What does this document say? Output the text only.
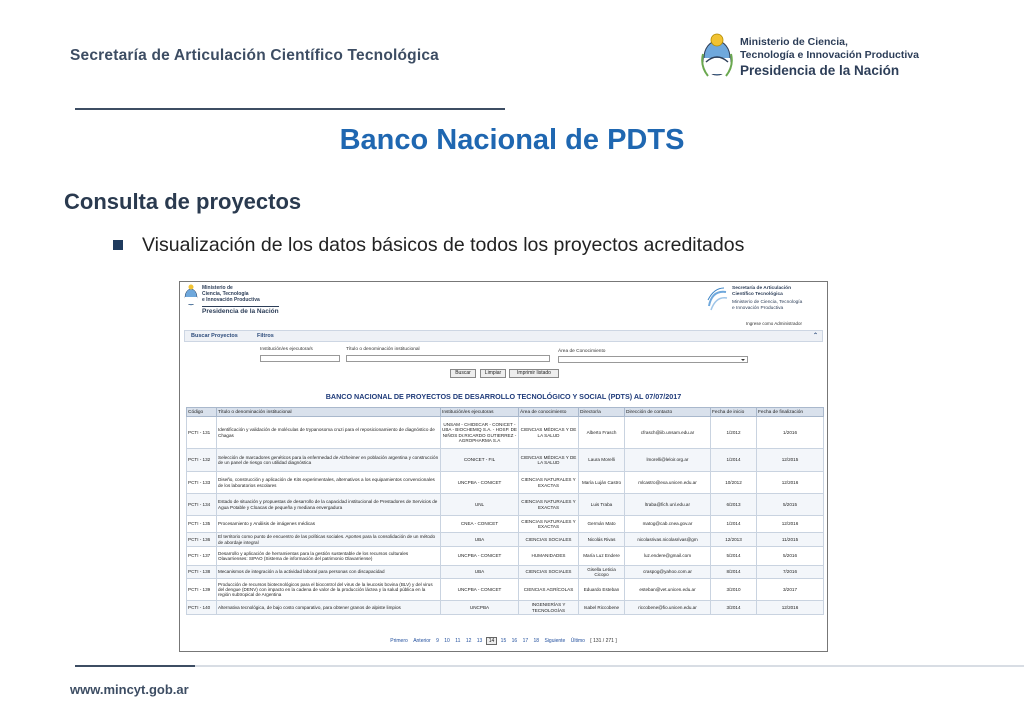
Secretaría de Articulación Científico Tecnológica
Ministerio de Ciencia,
Tecnología e Innovación Productiva
Presidencia de la Nación
Banco Nacional de PDTS
Consulta de proyectos
Visualización de los datos básicos de todos los proyectos acreditados
Ministerio de
Ciencia, Tecnología
e Innovación Productiva
Presidencia de la Nación
Secretaría de Articulación
Científico Tecnológica
Ministerio de Ciencia, Tecnología
e Innovación Productiva
Ingrese como Administrador
Buscar Proyectos	Filtros	⌃
Institución/es ejecutora/s	Título o denominación institucional	Área de Conocimiento
Buscar	Limpiar	Imprimir listado
BANCO NACIONAL DE PROYECTOS DE DESARROLLO TECNOLÓGICO Y SOCIAL (PDTS) AL 07/07/2017
Código	Título o denominación institucional	Institución/es ejecutoras	Área de conocimiento	Director/a	Dirección de contacto	Fecha de inicio	Fecha de finalización
PCTI - 131	Identificación y validación de moléculas de trypanosoma cruzi para el reposicionamiento de diagnóstico de Chagas	UNSAM - CHIDECAR - CONICET - UBA - BIOCHEMIQ S.A. - HOSP. DE NIÑOS Dr.RICARDO GUTIERREZ - AGROPHARMA S.A	CIENCIAS MÉDICAS Y DE LA SALUD	Alberto Frasch	cfrasch@iib.unsam.edu.ar	1/2012	1/2016
PCTI - 132	Selección de marcadores genéticos para la enfermedad de Alzheimer en población argentina y construcción de un panel de riesgo con utilidad diagnóstica	CONICET - FIL	CIENCIAS MÉDICAS Y DE LA SALUD	Laura Morelli	lmorelli@leloir.org.ar	1/2014	12/2015
PCTI - 133	Diseño, construcción y aplicación de Kits experimentales, alternativos a los equipamientos convencionales de los laboratorios escolares	UNCPBA - CONICET	CIENCIAS NATURALES Y EXACTAS	María Luján Castro	mlcastro@exa.unicen.edu.ar	10/2012	12/2016
PCTI - 134	Estado de situación y propuestas de desarrollo de la capacidad institucional de Prestadores de Servicios de Agua Potable y Cloacas de pequeña y mediana envergadura	UNL	CIENCIAS NATURALES Y EXACTAS	Luis Traba	ltraba@fich.unl.edu.ar	6/2013	5/2015
PCTI - 135	Procesamiento y Análisis de imágenes médicas	CNEA - CONICET	CIENCIAS NATURALES Y EXACTAS	Germán Mato	matog@cab.cnea.gov.ar	1/2014	12/2016
PCTI - 136	El territorio como punto de encuentro de las políticas sociales. Aportes para la consolidación de un método de abordaje integral	UBA	CIENCIAS SOCIALES	Nicolás Rivas	nicolasrivas.nicolasrivas@gm	12/2013	11/2015
PCTI - 137	Desarrollo y aplicación de herramientas para la gestión sustentable de los recursos culturales Olavarrienses: SIPAO (Sistema de información del patrimonio Olavarriense)	UNCPBA - CONICET	HUMANIDADES	María Luz Endere	luz.endere@gmail.com	5/2014	5/2016
PCTI - 138	Mecanismos de integración a la actividad laboral para personas con discapacidad	UBA	CIENCIAS SOCIALES	Gisella Leticia Cicopo	craspog@yahoo.com.ar	8/2014	7/2016
PCTI - 139	Producción de recursos biotecnológicos para el biocontrol del virus de la leucosis bovina (BLV) y del virus del dengue (DENV) con impacto en la cadena de valor de la producción láctea y la salud pública en la región subtropical de Argentina	UNCPBA - CONICET	CIENCIAS AGRÍCOLAS	Eduardo Esteban	esteban@vet.unicen.edu.ar	3/2010	3/2017
PCTI - 140	Alternativa tecnológica, de bajo costo comparativo, para obtener granos de alpiste limpios	UNCPBA	INGENIERÍAS Y TECNOLOGÍAS	Isabel Riccobene	riccobene@fio.unicen.edu.ar	3/2014	12/2016
Primero Anterior 9 10 11 12 13 14 15 16 17 18 Siguiente Último [ 131 / 271 ]
www.mincyt.gob.ar
